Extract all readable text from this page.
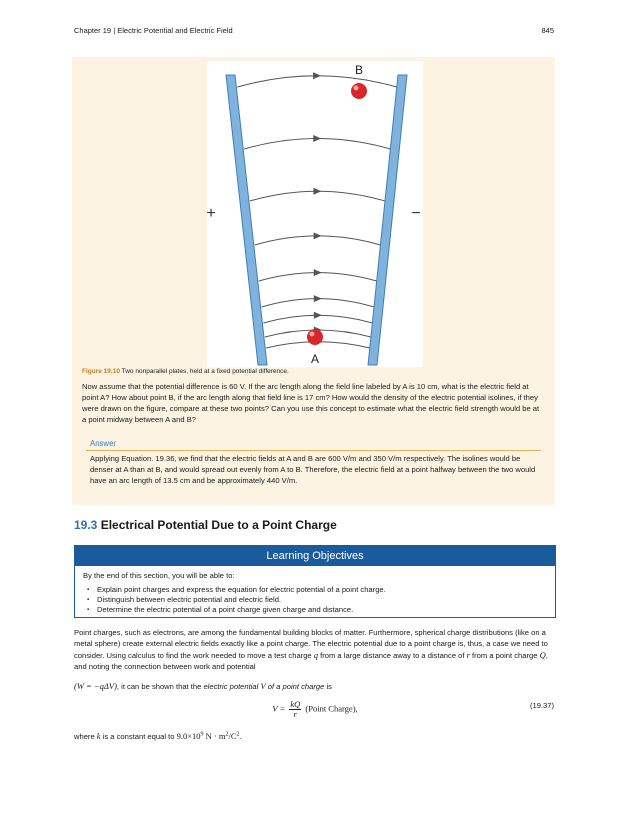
Chapter 19 | Electric Potential and Electric Field	845
B
A
+	−
Figure 19.10 Two nonparallel plates, held at a fixed potential difference.
Now assume that the potential difference is 60 V. If the arc length along the field line labeled by A is 10 cm, what is the electric field at point A? How about point B, if the arc length along that field line is 17 cm? How would the density of the electric potential isolines, if they were drawn on the figure, compare at these two points? Can you use this concept to estimate what the electric field strength would be at a point midway between A and B?
Answer
Applying Equation. 19.36, we find that the electric fields at A and B are 600 V/m and 350 V/m respectively. The isolines would be denser at A than at B, and would spread out evenly from A to B. Therefore, the electric field at a point halfway between the two would have an arc length of 13.5 cm and be approximately 440 V/m.
19.3 Electrical Potential Due to a Point Charge
Learning Objectives
By the end of this section, you will be able to:
▪ Explain point charges and express the equation for electric potential of a point charge.
▪ Distinguish between electric potential and electric field.
▪ Determine the electric potential of a point charge given charge and distance.
Point charges, such as electrons, are among the fundamental building blocks of matter. Furthermore, spherical charge distributions (like on a metal sphere) create external electric fields exactly like a point charge. The electric potential due to a point charge is, thus, a case we need to consider. Using calculus to find the work needed to move a test charge q from a large distance away to a distance of r from a point charge Q, and noting the connection between work and potential
(W = −qΔV), it can be shown that the electric potential V of a point charge is
$V = \frac{kQ}{r}$ (Point Charge),	(19.37)
where k is a constant equal to $9.0\times 10^9$ $N \cdot m^2/C^2$.
